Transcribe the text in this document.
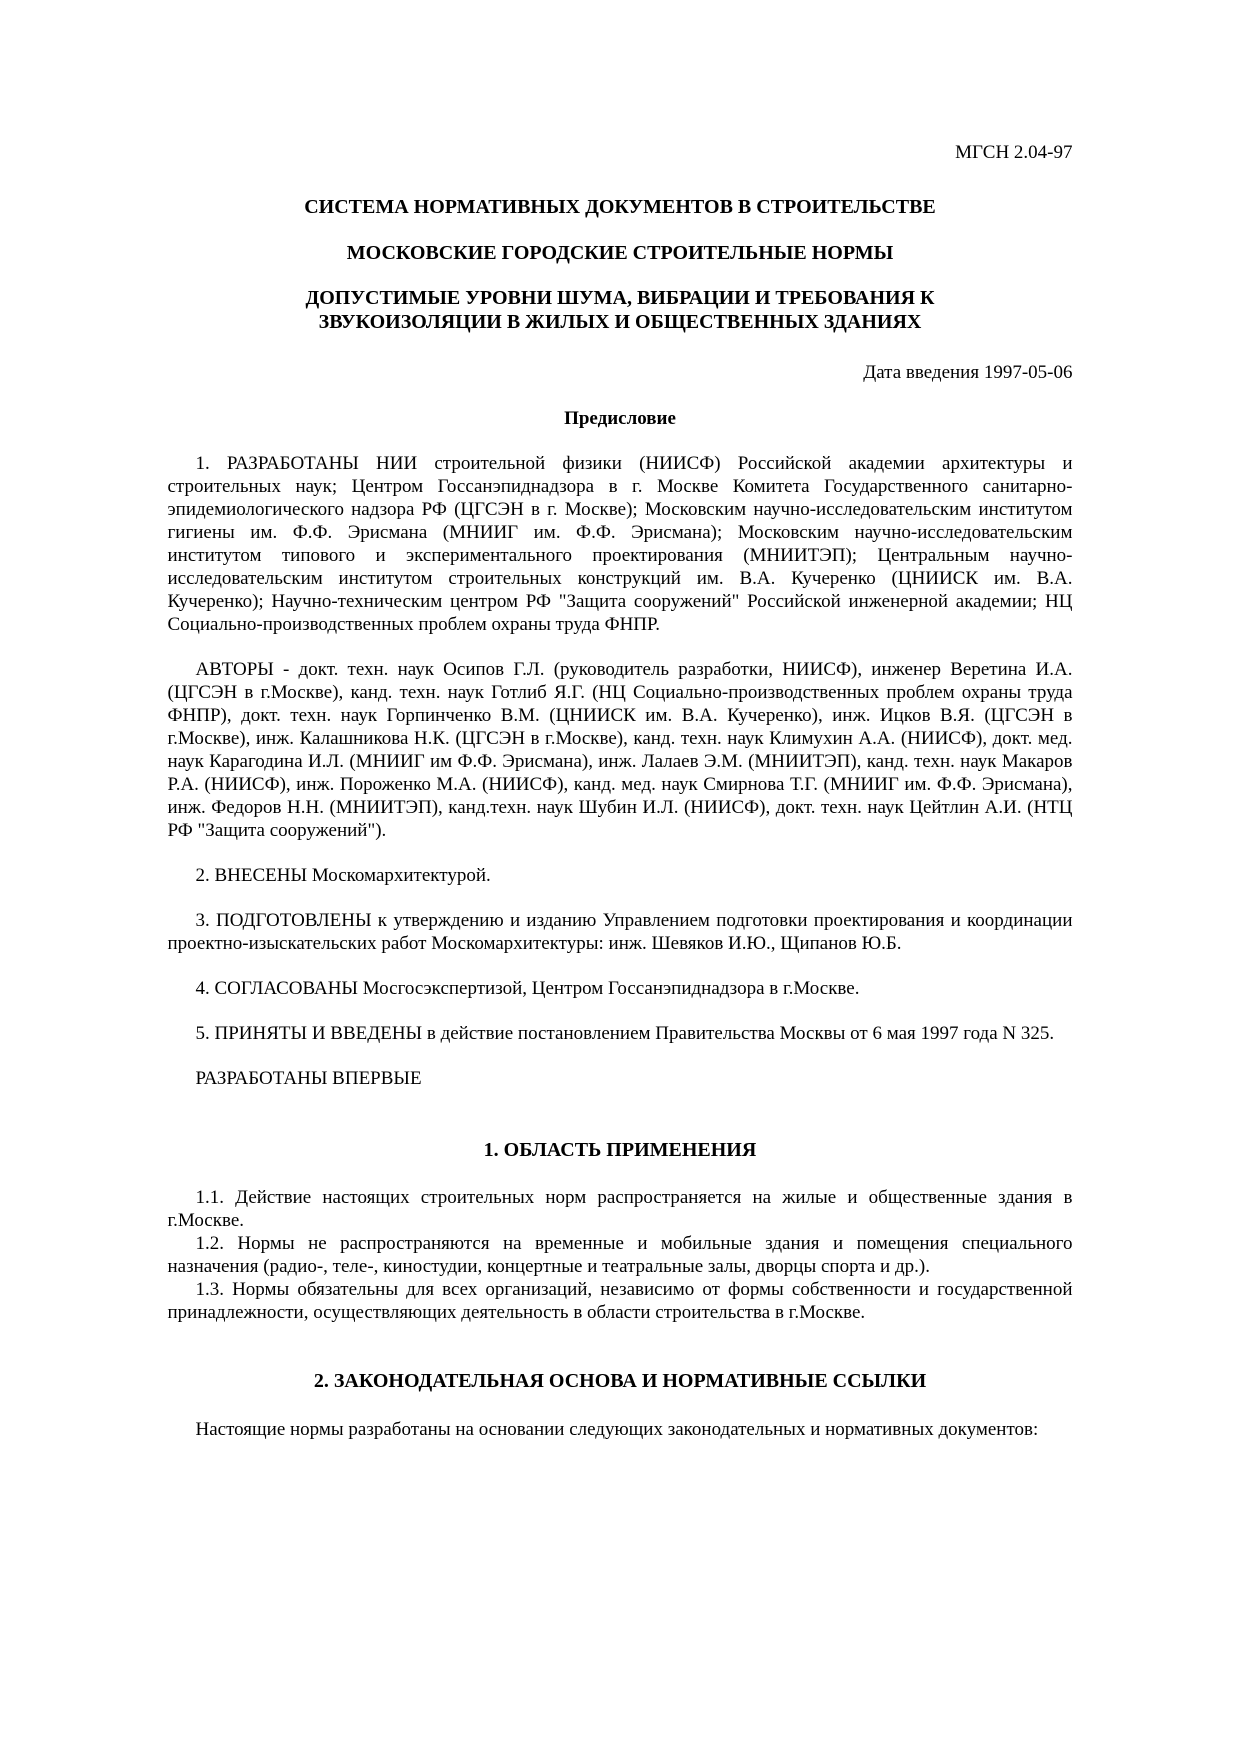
МГСН 2.04-97
СИСТЕМА НОРМАТИВНЫХ ДОКУМЕНТОВ В СТРОИТЕЛЬСТВЕ
МОСКОВСКИЕ ГОРОДСКИЕ СТРОИТЕЛЬНЫЕ НОРМЫ
ДОПУСТИМЫЕ УРОВНИ ШУМА, ВИБРАЦИИ И ТРЕБОВАНИЯ К ЗВУКОИЗОЛЯЦИИ В ЖИЛЫХ И ОБЩЕСТВЕННЫХ ЗДАНИЯХ
Дата введения 1997-05-06
Предисловие

1. РАЗРАБОТАНЫ НИИ строительной физики (НИИСФ) Российской академии архитектуры и строительных наук; Центром Госсанэпиднадзора в г. Москве Комитета Государственного санитарно-эпидемиологического надзора РФ (ЦГСЭН в г. Москве); Московским научно-исследовательским институтом гигиены им. Ф.Ф. Эрисмана (МНИИГ им. Ф.Ф. Эрисмана); Московским научно-исследовательским институтом типового и экспериментального проектирования (МНИИТЭП); Центральным научно-исследовательским институтом строительных конструкций им. В.А. Кучеренко (ЦНИИСК им. В.А. Кучеренко); Научно-техническим центром РФ "Защита сооружений" Российской инженерной академии; НЦ Социально-производственных проблем охраны труда ФНПР.

АВТОРЫ - докт. техн. наук Осипов Г.Л. (руководитель разработки, НИИСФ), инженер Веретина И.А. (ЦГСЭН в г.Москве), канд. техн. наук Готлиб Я.Г. (НЦ Социально-производственных проблем охраны труда ФНПР), докт. техн. наук Горпинченко В.М. (ЦНИИСК им. В.А. Кучеренко), инж. Ицков В.Я. (ЦГСЭН в г.Москве), инж. Калашникова Н.К. (ЦГСЭН в г.Москве), канд. техн. наук Климухин А.А. (НИИСФ), докт. мед. наук Карагодина И.Л. (МНИИГ им Ф.Ф. Эрисмана), инж. Лалаев Э.М. (МНИИТЭП), канд. техн. наук Макаров Р.А. (НИИСФ), инж. Пороженко М.А. (НИИСФ), канд. мед. наук Смирнова Т.Г. (МНИИГ им. Ф.Ф. Эрисмана), инж. Федоров Н.Н. (МНИИТЭП), канд.техн. наук Шубин И.Л. (НИИСФ), докт. техн. наук Цейтлин А.И. (НТЦ РФ "Защита сооружений").

2. ВНЕСЕНЫ Москомархитектурой.

3. ПОДГОТОВЛЕНЫ к утверждению и изданию Управлением подготовки проектирования и координации проектно-изыскательских работ Москомархитектуры: инж. Шевяков И.Ю., Щипанов Ю.Б.

4. СОГЛАСОВАНЫ Мосгосэкспертизой, Центром Госсанэпиднадзора в г.Москве.

5. ПРИНЯТЫ И ВВЕДЕНЫ в действие постановлением Правительства Москвы от 6 мая 1997 года N 325.

РАЗРАБОТАНЫ ВПЕРВЫЕ

1. ОБЛАСТЬ ПРИМЕНЕНИЯ

1.1. Действие настоящих строительных норм распространяется на жилые и общественные здания в г.Москве.

1.2. Нормы не распространяются на временные и мобильные здания и помещения специального назначения (радио-, теле-, киностудии, концертные и театральные залы, дворцы спорта и др.).

1.3. Нормы обязательны для всех организаций, независимо от формы собственности и государственной принадлежности, осуществляющих деятельность в области строительства в г.Москве.

2. ЗАКОНОДАТЕЛЬНАЯ ОСНОВА И НОРМАТИВНЫЕ ССЫЛКИ

Настоящие нормы разработаны на основании следующих законодательных и нормативных документов:
